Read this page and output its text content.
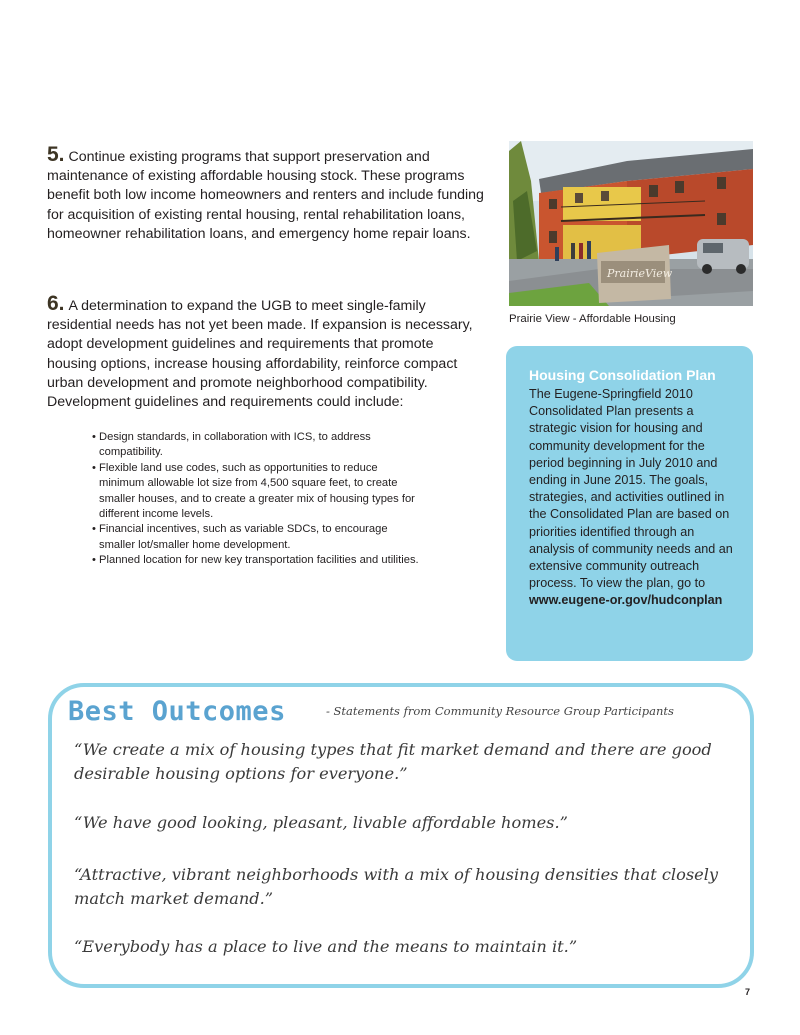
5. Continue existing programs that support preservation and maintenance of existing affordable housing stock. These programs benefit both low income homeowners and renters and include funding for acquisition of existing rental housing, rental rehabilitation loans, homeowner rehabilitation loans, and emergency home repair loans.

6. A determination to expand the UGB to meet single-family residential needs has not yet been made. If expansion is necessary, adopt development guidelines and requirements that promote housing options, increase housing affordability, reinforce compact urban development and promote neighborhood compatibility. Development guidelines and requirements could include:

• Design standards, in collaboration with ICS, to address compatibility.
• Flexible land use codes, such as opportunities to reduce minimum allowable lot size from 4,500 square feet, to create smaller houses, and to create a greater mix of housing types for different income levels.
• Financial incentives, such as variable SDCs, to encourage smaller lot/smaller home development.
• Planned location for new key transportation facilities and utilities.
PrairieView

Prairie View - Affordable Housing

Housing Consolidation Plan

The Eugene-Springfield 2010 Consolidated Plan presents a strategic vision for housing and community development for the period beginning in July 2010 and ending in June 2015. The goals, strategies, and activities outlined in the Consolidated Plan are based on priorities identified through an analysis of community needs and an extensive community outreach process. To view the plan, go to www.eugene-or.gov/hudconplan

Best Outcomes	- Statements from Community Resource Group Participants

“We create a mix of housing types that fit market demand and there are good desirable housing options for everyone.”

“We have good looking, pleasant, livable affordable homes.”

“Attractive, vibrant neighborhoods with a mix of housing densities that closely match market demand.”

“Everybody has a place to live and the means to maintain it.”

7
